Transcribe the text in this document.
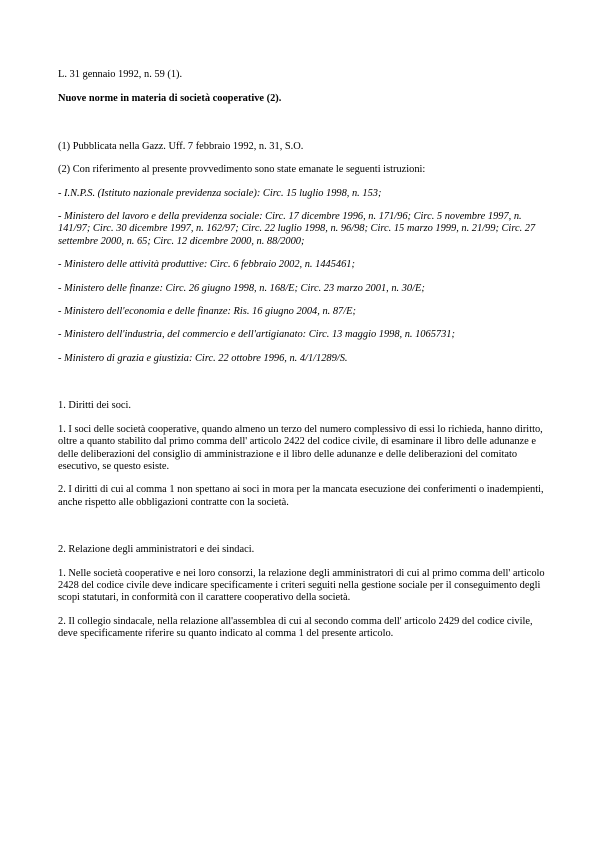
L. 31 gennaio 1992, n. 59 (1).

Nuove norme in materia di società cooperative (2).

(1) Pubblicata nella Gazz. Uff. 7 febbraio 1992, n. 31, S.O.

(2) Con riferimento al presente provvedimento sono state emanate le seguenti istruzioni:

- I.N.P.S. (Istituto nazionale previdenza sociale): Circ. 15 luglio 1998, n. 153;

- Ministero del lavoro e della previdenza sociale: Circ. 17 dicembre 1996, n. 171/96; Circ. 5 novembre 1997, n. 141/97; Circ. 30 dicembre 1997, n. 162/97; Circ. 22 luglio 1998, n. 96/98; Circ. 15 marzo 1999, n. 21/99; Circ. 27 settembre 2000, n. 65; Circ. 12 dicembre 2000, n. 88/2000;

- Ministero delle attività produttive: Circ. 6 febbraio 2002, n. 1445461;

- Ministero delle finanze: Circ. 26 giugno 1998, n. 168/E; Circ. 23 marzo 2001, n. 30/E;

- Ministero dell'economia e delle finanze: Ris. 16 giugno 2004, n. 87/E;

- Ministero dell'industria, del commercio e dell'artigianato: Circ. 13 maggio 1998, n. 1065731;

- Ministero di grazia e giustizia: Circ. 22 ottobre 1996, n. 4/1/1289/S.

1. Diritti dei soci.

1. I soci delle società cooperative, quando almeno un terzo del numero complessivo di essi lo richieda, hanno diritto, oltre a quanto stabilito dal primo comma dell' articolo 2422 del codice civile, di esaminare il libro delle adunanze e delle deliberazioni del consiglio di amministrazione e il libro delle adunanze e delle deliberazioni del comitato esecutivo, se questo esiste.

2. I diritti di cui al comma 1 non spettano ai soci in mora per la mancata esecuzione dei conferimenti o inadempienti, anche rispetto alle obbligazioni contratte con la società.

2. Relazione degli amministratori e dei sindaci.

1. Nelle società cooperative e nei loro consorzi, la relazione degli amministratori di cui al primo comma dell' articolo 2428 del codice civile deve indicare specificamente i criteri seguiti nella gestione sociale per il conseguimento degli scopi statutari, in conformità con il carattere cooperativo della società.

2. Il collegio sindacale, nella relazione all'assemblea di cui al secondo comma dell' articolo 2429 del codice civile, deve specificamente riferire su quanto indicato al comma 1 del presente articolo.
